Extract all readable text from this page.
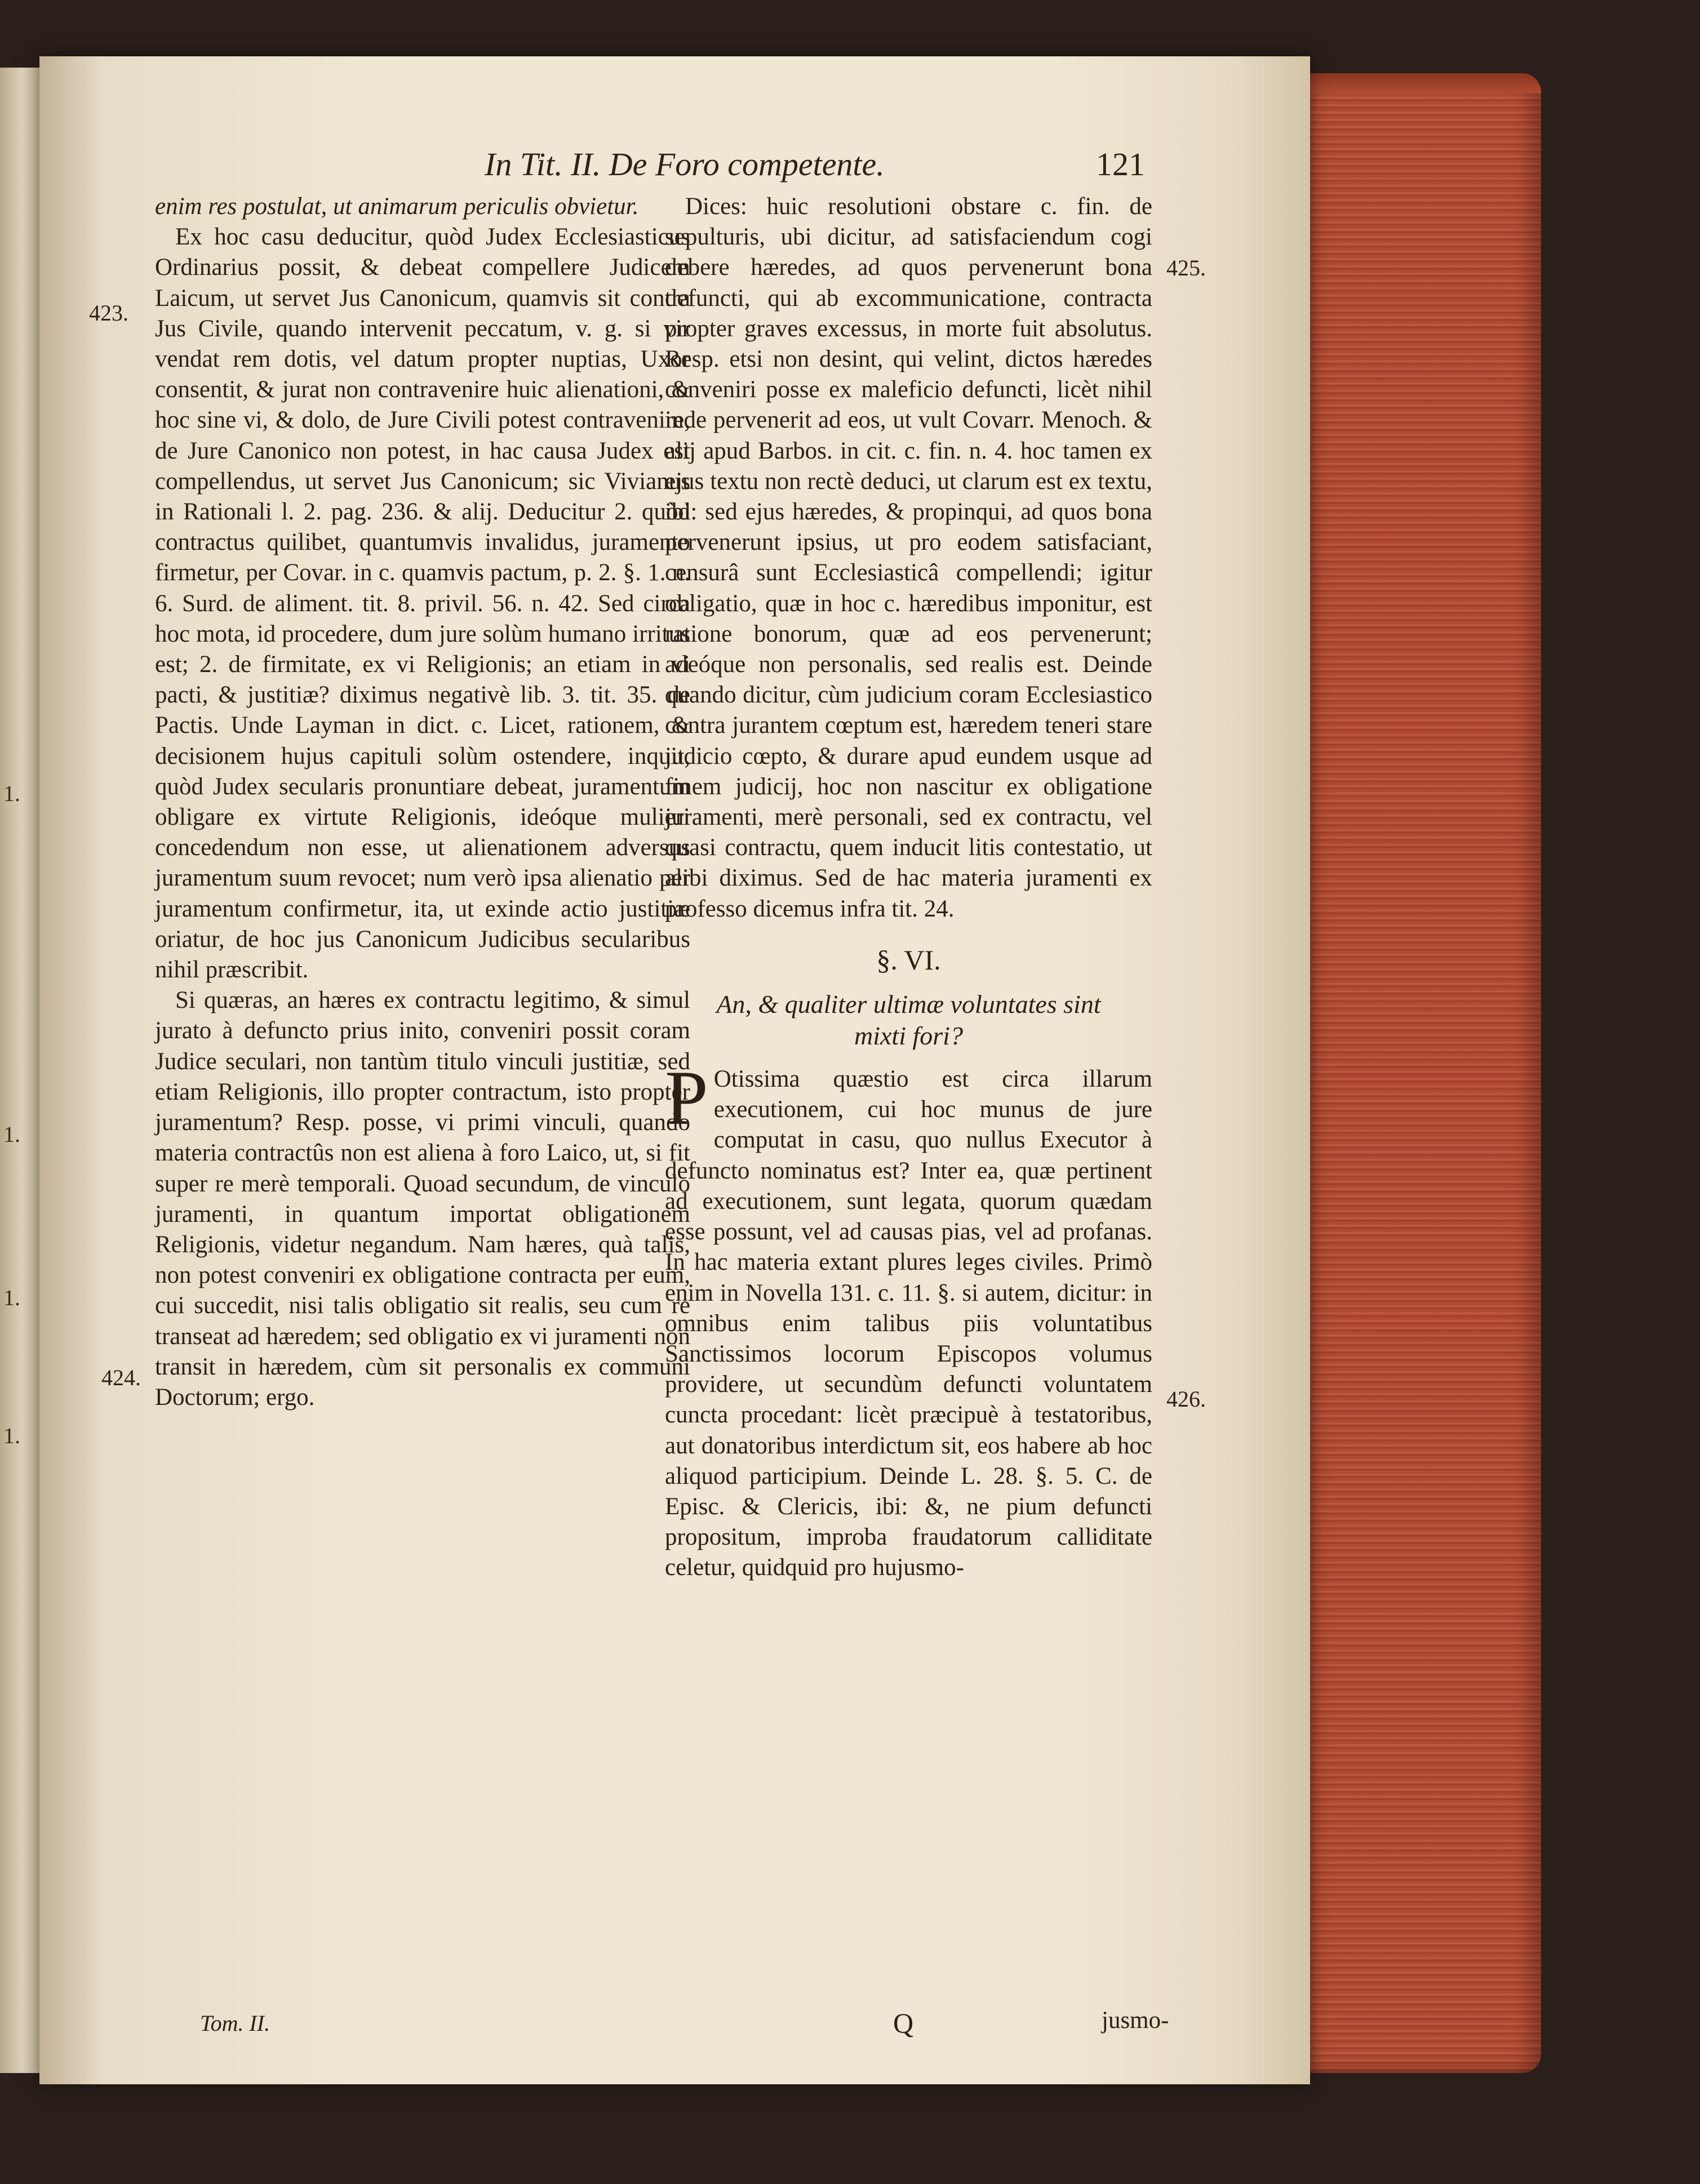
1.
1.
1.
1.
In Tit. II. De Foro competente.	121
423.
424.
425.
426.

enim res postulat, ut animarum periculis obvietur.

Ex hoc casu deducitur, quòd Judex Ecclesiasticus Ordinarius possit, & debeat compellere Judicem Laicum, ut servet Jus Canonicum, quamvis sit contra Jus Civile, quando intervenit peccatum, v. g. si vir vendat rem dotis, vel datum propter nuptias, Uxor consentit, & jurat non contravenire huic alienationi, & hoc sine vi, & dolo, de Jure Civili potest contravenire, de Jure Canonico non potest, in hac causa Judex est compellendus, ut servet Jus Canonicum; sic Vivianus in Rationali l. 2. pag. 236. & alij. Deducitur 2. quòd contractus quilibet, quantumvis invalidus, juramento firmetur, per Covar. in c. quamvis pactum, p. 2. §. 1. n. 6. Surd. de aliment. tit. 8. privil. 56. n. 42. Sed circa hoc mota, id procedere, dum jure solùm humano irritus est; 2. de firmitate, ex vi Religionis; an etiam in vi pacti, & justitiæ? diximus negativè lib. 3. tit. 35. de Pactis. Unde Layman in dict. c. Licet, rationem, & decisionem hujus capituli solùm ostendere, inquit, quòd Judex secularis pronuntiare debeat, juramentum obligare ex virtute Religionis, ideóque mulieri concedendum non esse, ut alienationem adversus juramentum suum revocet; num verò ipsa alienatio per juramentum confirmetur, ita, ut exinde actio justitiæ oriatur, de hoc jus Canonicum Judicibus secularibus nihil præscribit.

Si quæras, an hæres ex contractu legitimo, & simul jurato à defuncto prius inito, conveniri possit coram Judice seculari, non tantùm titulo vinculi justitiæ, sed etiam Religionis, illo propter contractum, isto propter juramentum? Resp. posse, vi primi vinculi, quando materia contractûs non est aliena à foro Laico, ut, si fit super re merè temporali. Quoad secundum, de vinculo juramenti, in quantum importat obligationem Religionis, videtur negandum. Nam hæres, quà talis, non potest conveniri ex obligatione contracta per eum, cui succedit, nisi talis obligatio sit realis, seu cum re transeat ad hæredem; sed obligatio ex vi juramenti non transit in hæredem, cùm sit personalis ex communi Doctorum; ergo.

Dices: huic resolutioni obstare c. fin. de sepulturis, ubi dicitur, ad satisfaciendum cogi debere hæredes, ad quos pervenerunt bona defuncti, qui ab excommunicatione, contracta propter graves excessus, in morte fuit absolutus. Resp. etsi non desint, qui velint, dictos hæredes conveniri posse ex maleficio defuncti, licèt nihil inde pervenerit ad eos, ut vult Covarr. Menoch. & alij apud Barbos. in cit. c. fin. n. 4. hoc tamen ex ejus textu non rectè deduci, ut clarum est ex textu, ibi: sed ejus hæredes, & propinqui, ad quos bona pervenerunt ipsius, ut pro eodem satisfaciant, censurâ sunt Ecclesiasticâ compellendi; igitur obligatio, quæ in hoc c. hæredibus imponitur, est ratione bonorum, quæ ad eos pervenerunt; adeóque non personalis, sed realis est. Deinde quando dicitur, cùm judicium coram Ecclesiastico contra jurantem cœptum est, hæredem teneri stare judicio cœpto, & durare apud eundem usque ad finem judicij, hoc non nascitur ex obligatione juramenti, merè personali, sed ex contractu, vel quasi contractu, quem inducit litis contestatio, ut alibi diximus. Sed de hac materia juramenti ex professo dicemus infra tit. 24.

§. VI.
An, & qualiter ultimæ voluntates sint mixti fori?

P Otissima quæstio est circa illarum executionem, cui hoc munus de jure computat in casu, quo nullus Executor à defuncto nominatus est? Inter ea, quæ pertinent ad executionem, sunt legata, quorum quædam esse possunt, vel ad causas pias, vel ad profanas. In hac materia extant plures leges civiles. Primò enim in Novella 131. c. 11. §. si autem, dicitur: in omnibus enim talibus piis voluntatibus Sanctissimos locorum Episcopos volumus providere, ut secundùm defuncti voluntatem cuncta procedant: licèt præcipuè à testatoribus, aut donatoribus interdictum sit, eos habere ab hoc aliquod participium. Deinde L. 28. §. 5. C. de Episc. & Clericis, ibi: &, ne pium defuncti propositum, improba fraudatorum calliditate celetur, quidquid pro hujusmo-

Tom. II.	Q	jusmo-
